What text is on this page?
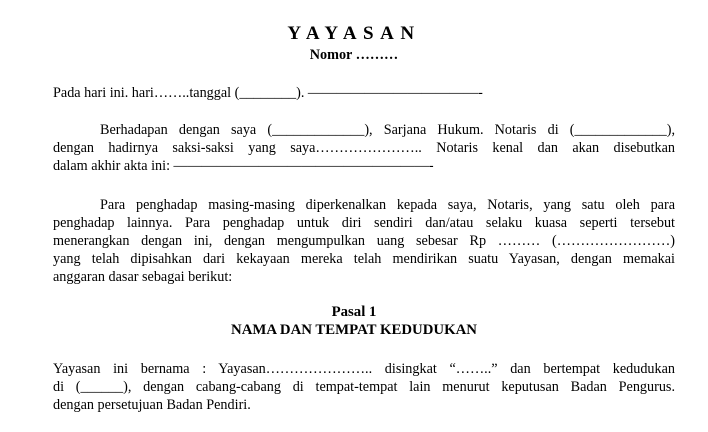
YAYASAN
Nomor ………
Pada hari ini. hari……..tanggal (________). ————————————-
Berhadapan dengan saya (_____________), Sarjana Hukum. Notaris di (_____________),
dengan hadirnya saksi-saksi yang saya………………….. Notaris kenal dan akan disebutkan
dalam akhir akta ini: ——————————————————-
Para penghadap masing-masing diperkenalkan kepada saya, Notaris, yang satu oleh para
penghadap lainnya. Para penghadap untuk diri sendiri dan/atau selaku kuasa seperti tersebut
menerangkan dengan ini, dengan mengumpulkan uang sebesar Rp ……… (……………………)
yang telah dipisahkan dari kekayaan mereka telah mendirikan suatu Yayasan, dengan memakai
anggaran dasar sebagai berikut:
Pasal 1
NAMA DAN TEMPAT KEDUDUKAN
Yayasan ini bernama : Yayasan………………….. disingkat “……..” dan bertempat kedudukan
di (______), dengan cabang-cabang di tempat-tempat lain menurut keputusan Badan Pengurus.
dengan persetujuan Badan Pendiri.
